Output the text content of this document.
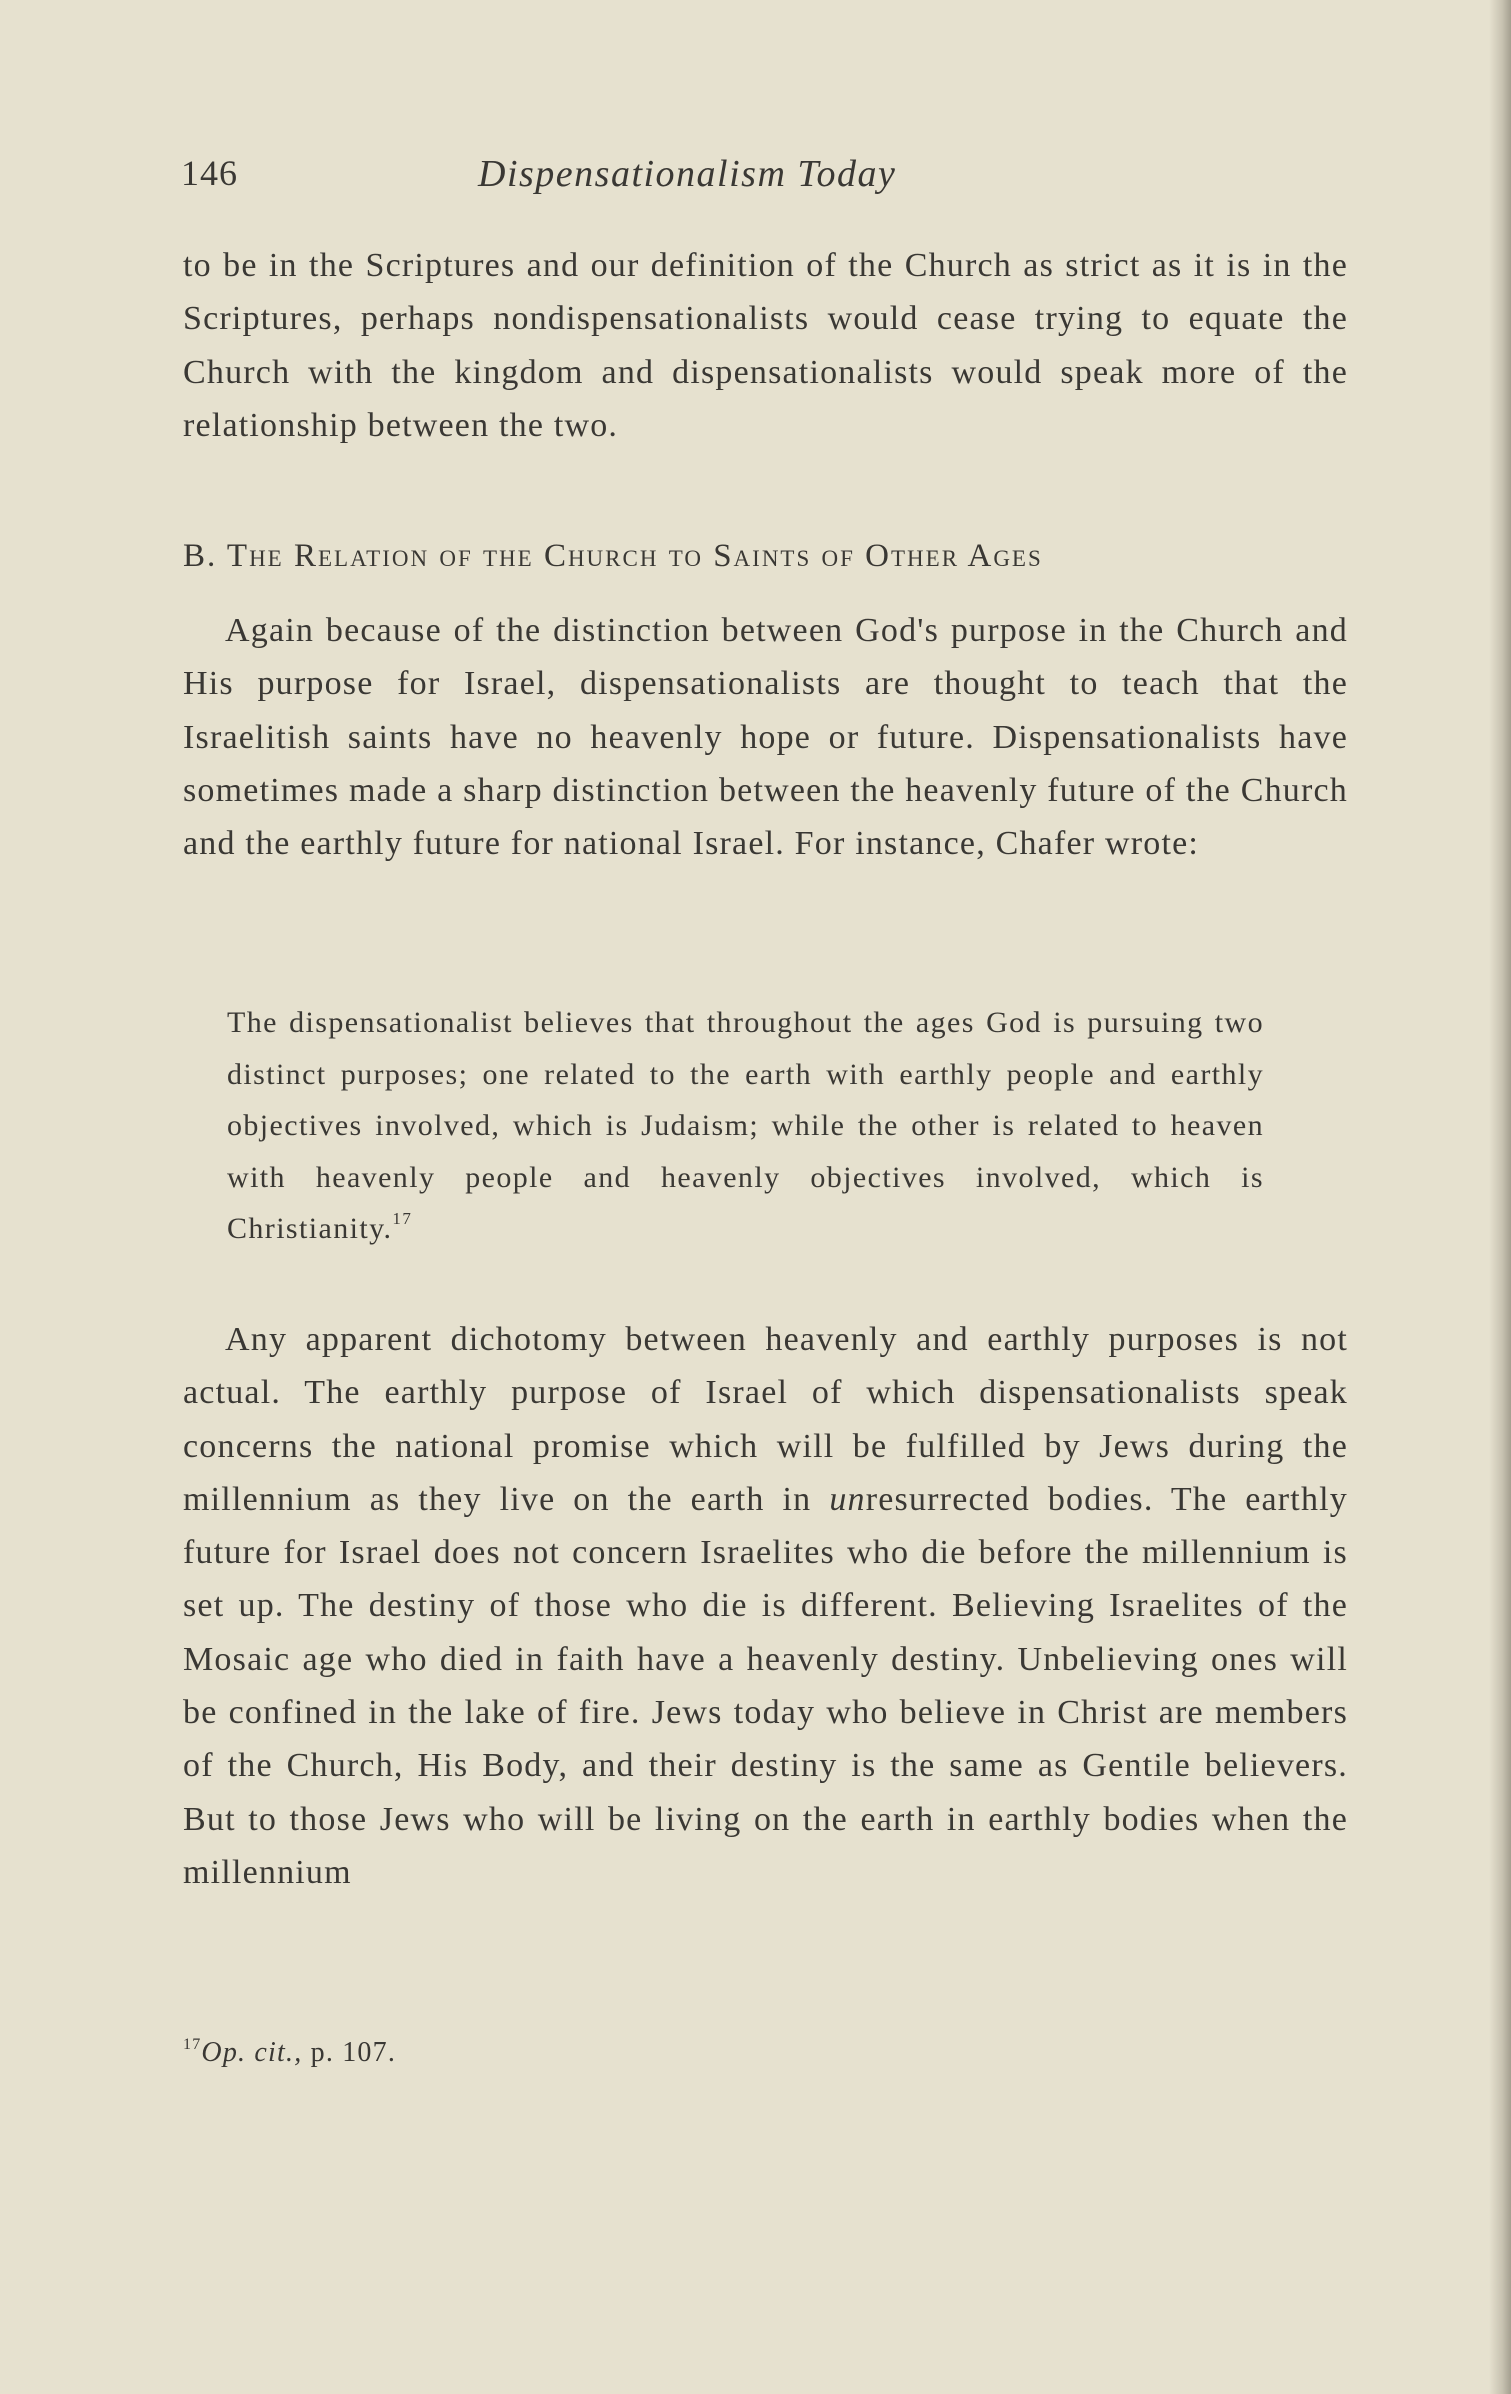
146	Dispensationalism Today

to be in the Scriptures and our definition of the Church as strict as it is in the Scriptures, perhaps nondispensationalists would cease trying to equate the Church with the kingdom and dispensationalists would speak more of the relationship between the two.

B. The Relation of the Church to Saints of Other Ages

Again because of the distinction between God's purpose in the Church and His purpose for Israel, dispensationalists are thought to teach that the Israelitish saints have no heavenly hope or future. Dispensationalists have sometimes made a sharp distinction between the heavenly future of the Church and the earthly future for national Israel. For instance, Chafer wrote:

The dispensationalist believes that throughout the ages God is pursuing two distinct purposes; one related to the earth with earthly people and earthly objectives involved, which is Judaism; while the other is related to heaven with heavenly people and heavenly objectives involved, which is Christianity.$^{17}$

Any apparent dichotomy between heavenly and earthly purposes is not actual. The earthly purpose of Israel of which dispensationalists speak concerns the national promise which will be fulfilled by Jews during the millennium as they live on the earth in unresurrected bodies. The earthly future for Israel does not concern Israelites who die before the millennium is set up. The destiny of those who die is different. Believing Israelites of the Mosaic age who died in faith have a heavenly destiny. Unbelieving ones will be confined in the lake of fire. Jews today who believe in Christ are members of the Church, His Body, and their destiny is the same as Gentile believers. But to those Jews who will be living on the earth in earthly bodies when the millennium

$^{17}$Op. cit., p. 107.
